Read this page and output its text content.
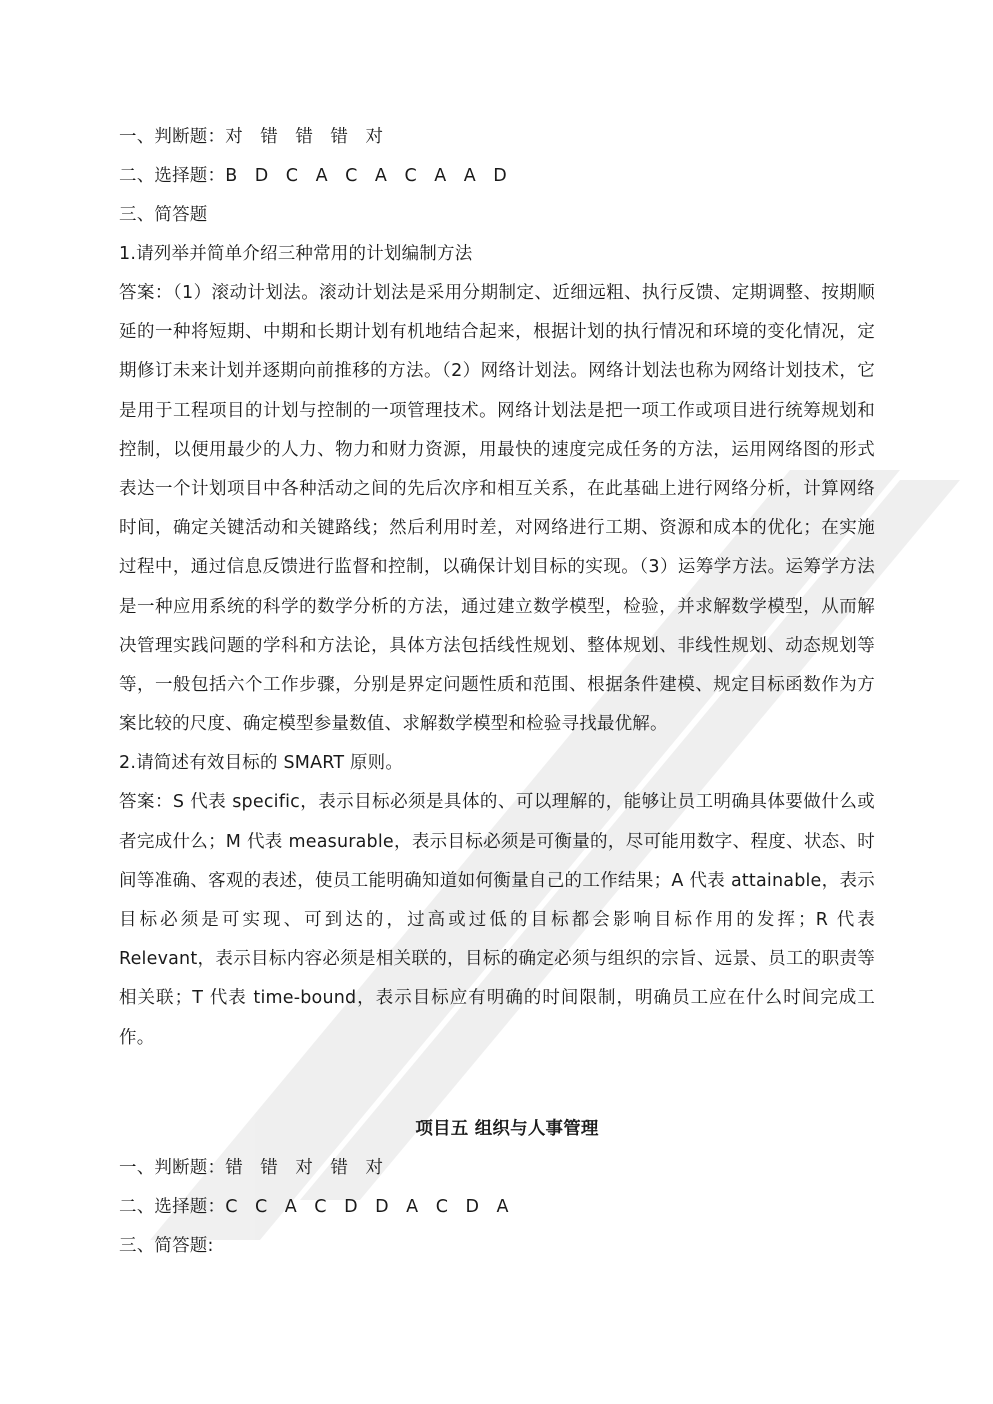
一、判断题：对 错 错 错 对

二、选择题：B D C A C A C A A D

三、简答题

1.请列举并简单介绍三种常用的计划编制方法

答案：（1）滚动计划法。滚动计划法是采用分期制定、近细远粗、执行反馈、定期调整、按期顺延的一种将短期、中期和长期计划有机地结合起来，根据计划的执行情况和环境的变化情况，定期修订未来计划并逐期向前推移的方法。（2）网络计划法。网络计划法也称为网络计划技术，它是用于工程项目的计划与控制的一项管理技术。网络计划法是把一项工作或项目进行统筹规划和控制，以便用最少的人力、物力和财力资源，用最快的速度完成任务的方法，运用网络图的形式表达一个计划项目中各种活动之间的先后次序和相互关系，在此基础上进行网络分析，计算网络时间，确定关键活动和关键路线；然后利用时差，对网络进行工期、资源和成本的优化；在实施过程中，通过信息反馈进行监督和控制，以确保计划目标的实现。（3）运筹学方法。运筹学方法是一种应用系统的科学的数学分析的方法，通过建立数学模型，检验，并求解数学模型，从而解决管理实践问题的学科和方法论，具体方法包括线性规划、整体规划、非线性规划、动态规划等等，一般包括六个工作步骤，分别是界定问题性质和范围、根据条件建模、规定目标函数作为方案比较的尺度、确定模型参量数值、求解数学模型和检验寻找最优解。

2.请简述有效目标的 SMART 原则。

答案：S 代表 specific，表示目标必须是具体的、可以理解的，能够让员工明确具体要做什么或者完成什么；M 代表 measurable，表示目标必须是可衡量的，尽可能用数字、程度、状态、时间等准确、客观的表述，使员工能明确知道如何衡量自己的工作结果；A 代表 attainable，表示目标必须是可实现、可到达的，过高或过低的目标都会影响目标作用的发挥；R 代表 Relevant，表示目标内容必须是相关联的，目标的确定必须与组织的宗旨、远景、员工的职责等相关联；T 代表 time-bound，表示目标应有明确的时间限制，明确员工应在什么时间完成工作。

项目五 组织与人事管理

一、判断题：错 错 对 错 对

二、选择题：C C A C D D A C D A

三、简答题:
